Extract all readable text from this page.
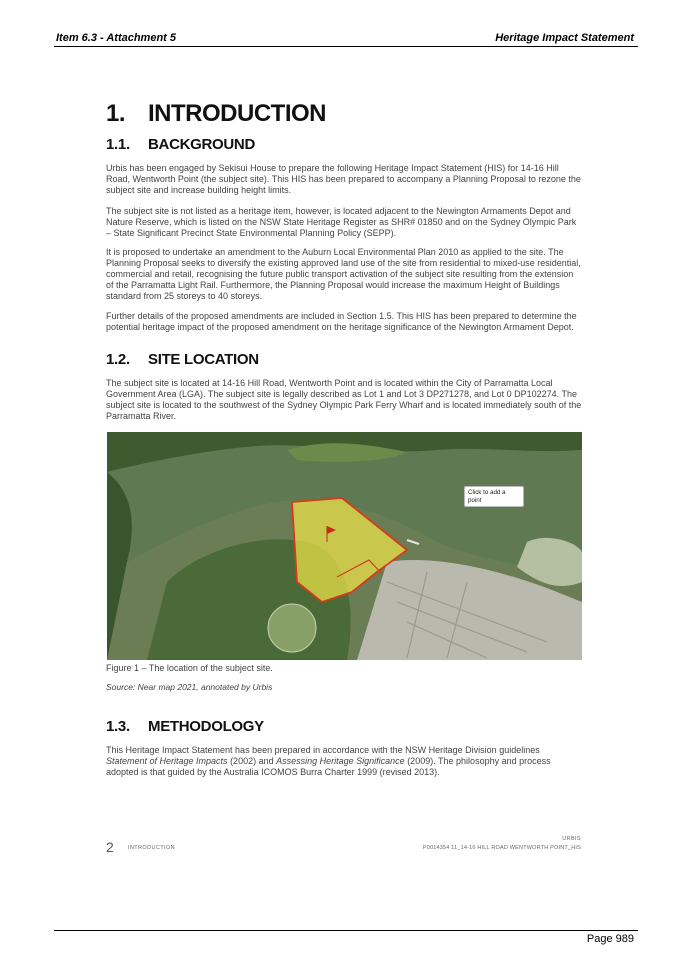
Item 6.3 - Attachment 5	Heritage Impact Statement
1. INTRODUCTION
1.1. BACKGROUND

Urbis has been engaged by Sekisui House to prepare the following Heritage Impact Statement (HIS) for 14-16 Hill Road, Wentworth Point (the subject site). This HIS has been prepared to accompany a Planning Proposal to rezone the subject site and increase building height limits.

The subject site is not listed as a heritage item, however, is located adjacent to the Newington Armaments Depot and Nature Reserve, which is listed on the NSW State Heritage Register as SHR# 01850 and on the Sydney Olympic Park – State Significant Precinct State Environmental Planning Policy (SEPP).

It is proposed to undertake an amendment to the Auburn Local Environmental Plan 2010 as applied to the site. The Planning Proposal seeks to diversify the existing approved land use of the site from residential to mixed-use residential, commercial and retail, recognising the future public transport activation of the subject site resulting from the extension of the Parramatta Light Rail. Furthermore, the Planning Proposal would increase the maximum Height of Buildings standard from 25 storeys to 40 storeys.

Further details of the proposed amendments are included in Section 1.5. This HIS has been prepared to determine the potential heritage impact of the proposed amendment on the heritage significance of the Newington Armament Depot.

1.2. SITE LOCATION

The subject site is located at 14-16 Hill Road, Wentworth Point and is located within the City of Parramatta Local Government Area (LGA). The subject site is legally described as Lot 1 and Lot 3 DP271278, and Lot 0 DP102274. The subject site is located to the southwest of the Sydney Olympic Park Ferry Wharf and is located immediately south of the Parramatta River.

Click to add a
point
Figure 1 – The location of the subject site.
Source: Near map 2021, annotated by Urbis
1.3. METHODOLOGY

This Heritage Impact Statement has been prepared in accordance with the NSW Heritage Division guidelines Statement of Heritage Impacts (2002) and Assessing Heritage Significance (2009). The philosophy and process adopted is that guided by the Australia ICOMOS Burra Charter 1999 (revised 2013).

2	INTRODUCTION
URBIS
P0014354 11_14-16 HILL ROAD WENTWORTH POINT_HIS
Page 989
